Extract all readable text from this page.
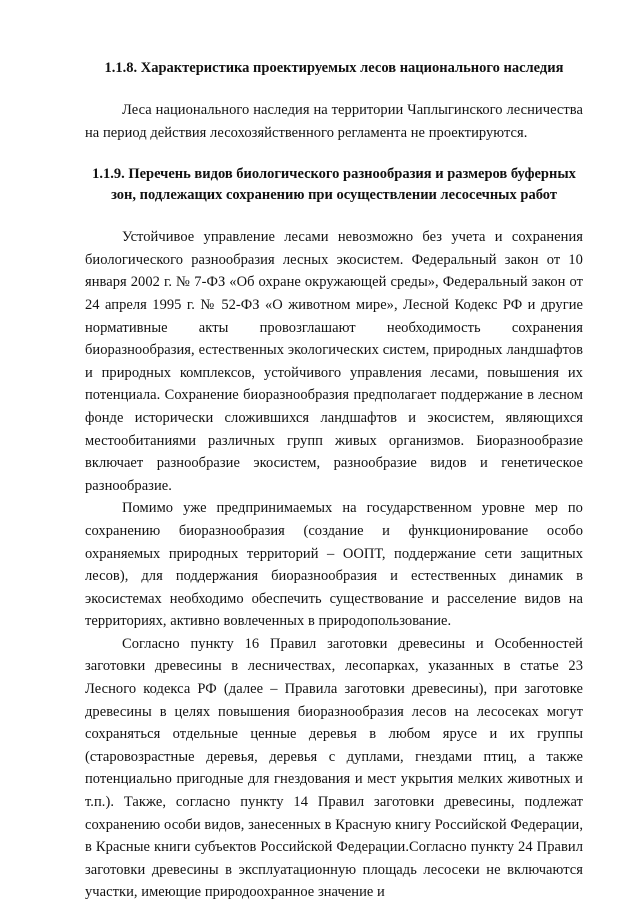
1.1.8. Характеристика проектируемых лесов национального наследия

Леса национального наследия на территории Чаплыгинского лесничества на период действия лесохозяйственного регламента не проектируются.

1.1.9. Перечень видов биологического разнообразия и размеров буферных зон, подлежащих сохранению при осуществлении лесосечных работ

Устойчивое управление лесами невозможно без учета и сохранения биологического разнообразия лесных экосистем. Федеральный закон от 10 января 2002 г. № 7-ФЗ «Об охране окружающей среды», Федеральный закон от 24 апреля 1995 г. № 52-ФЗ «О животном мире», Лесной Кодекс РФ и другие нормативные акты провозглашают необходимость сохранения биоразнообразия, естественных экологических систем, природных ландшафтов и природных комплексов, устойчивого управления лесами, повышения их потенциала. Сохранение биоразнообразия предполагает поддержание в лесном фонде исторически сложившихся ландшафтов и экосистем, являющихся местообитаниями различных групп живых организмов. Биоразнообразие включает разнообразие экосистем, разнообразие видов и генетическое разнообразие.

Помимо уже предпринимаемых на государственном уровне мер по сохранению биоразнообразия (создание и функционирование особо охраняемых природных территорий – ООПТ, поддержание сети защитных лесов), для поддержания биоразнообразия и естественных динамик в экосистемах необходимо обеспечить существование и расселение видов на территориях, активно вовлеченных в природопользование.

Согласно пункту 16 Правил заготовки древесины и Особенностей заготовки древесины в лесничествах, лесопарках, указанных в статье 23 Лесного кодекса РФ (далее – Правила заготовки древесины), при заготовке древесины в целях повышения биоразнообразия лесов на лесосеках могут сохраняться отдельные ценные деревья в любом ярусе и их группы (старовозрастные деревья, деревья с дуплами, гнездами птиц, а также потенциально пригодные для гнездования и мест укрытия мелких животных и т.п.). Также, согласно пункту 14 Правил заготовки древесины, подлежат сохранению особи видов, занесенных в Красную книгу Российской Федерации, в Красные книги субъектов Российской Федерации.Согласно пункту 24 Правил заготовки древесины в эксплуатационную площадь лесосеки не включаются участки, имеющие природоохранное значение и
